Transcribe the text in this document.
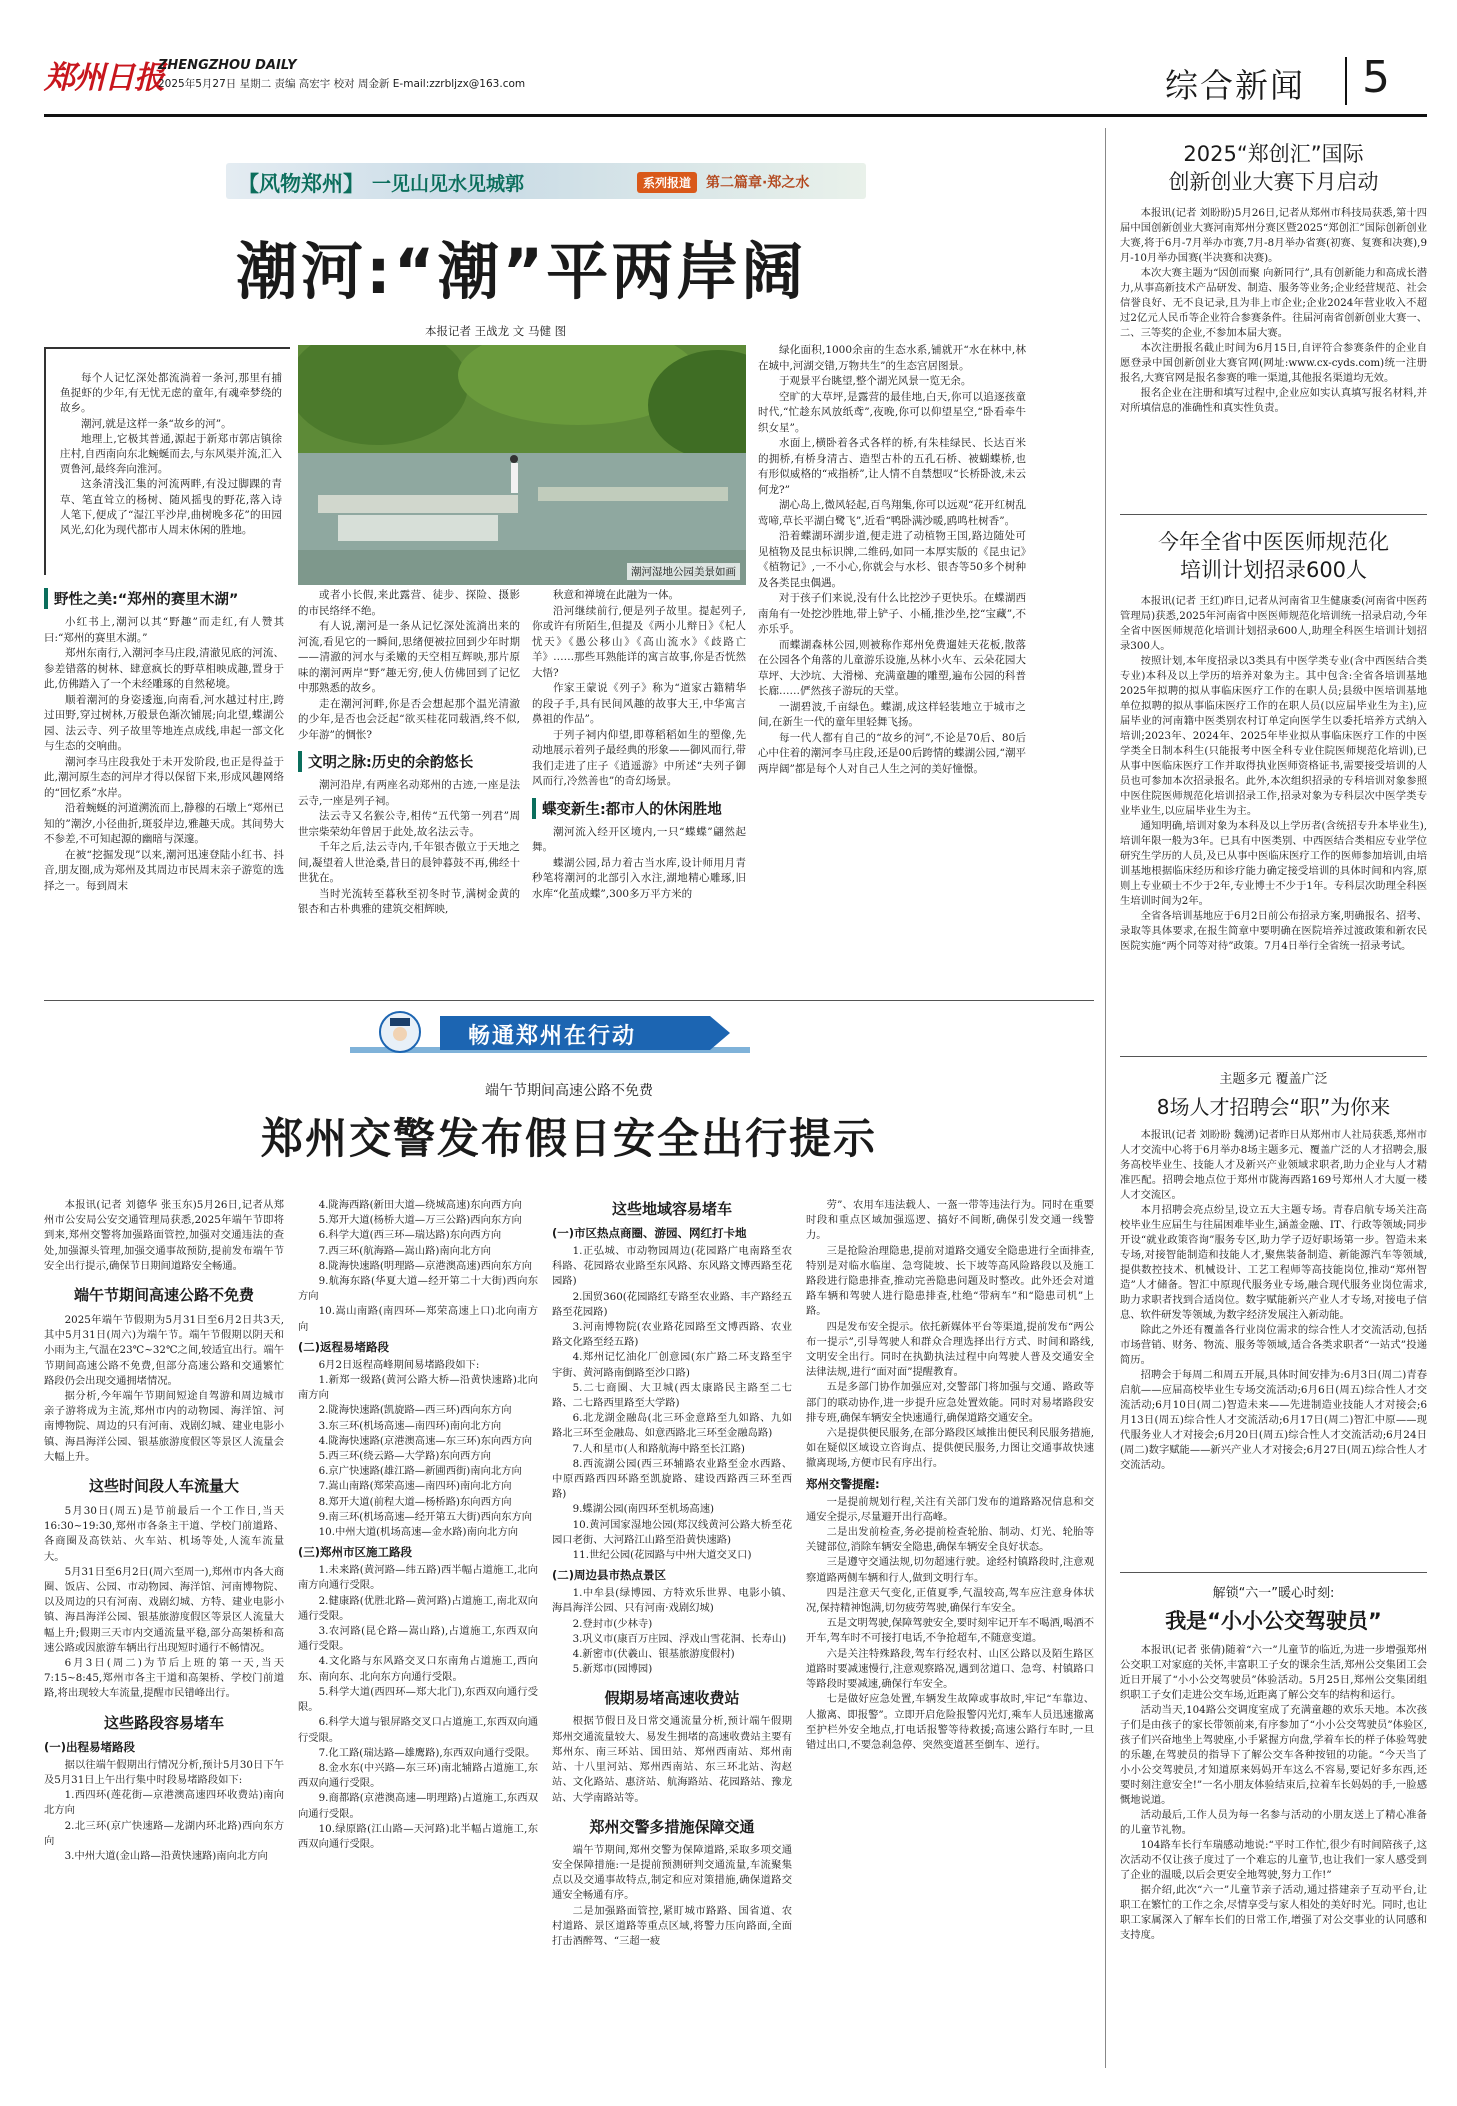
郑州日报
ZHENGZHOU DAILY
2025年5月27日 星期二 责编 高宏宇 校对 周金新 E-mail:zzrbljzx@163.com	综合新闻 5
【风物郑州】 一见山见水见城郭	系列报道	第二篇章·郑之水
潮河:“潮”平两岸阔
本报记者 王战龙 文 马健 图

每个人记忆深处都流淌着一条河,那里有捕鱼捉虾的少年,有无忧无虑的童年,有魂牵梦绕的故乡。

潮河,就是这样一条“故乡的河”。

地理上,它极其普通,源起于新郑市郭店镇徐庄村,自西南向东北蜿蜒而去,与东风渠并流,汇入贾鲁河,最终奔向淮河。

这条清浅汇集的河流两畔,有没过脚踝的青草、笔直耸立的杨树、随风摇曳的野花,落入诗人笔下,便成了“湿江平沙岸,曲树晚多花”的田园风光,幻化为现代都市人周末休闲的胜地。

潮河湿地公园美景如画

绿化面积,1000余亩的生态水系,铺就开“水在林中,林在城中,河湖交错,万物共生”的生态宫居图景。

于观景平台眺望,整个湖光风景一览无余。

空旷的大草坪,是露营的最佳地,白天,你可以追逐孩童时代,“忙趁东风放纸鸢”,夜晚,你可以仰望星空,“卧看牵牛织女星”。

水面上,横卧着各式各样的桥,有朱桂绿民、长达百米的拥桥,有桥身清古、造型古朴的五孔石桥、被蝴蝶桥,也有形似威格的“戒指桥”,让人情不自禁想叹“长桥卧波,未云何龙?”

湖心岛上,微风轻起,百鸟翔集,你可以远观“花开红树乱莺啼,草长平湖白鹭飞”,近看“鸭卧满沙暖,鸥鸣杜树香”。

沿着蝶湖环湖步道,便走进了动植物王国,路边随处可见植物及昆虫标识牌,二维码,如同一本厚实版的《昆虫记》《植物记》,一不小心,你就会与水杉、银杏等50多个树种及各类昆虫偶遇。

对于孩子们来说,没有什么比挖沙子更快乐。在蝶湖西南角有一处挖沙胜地,带上铲子、小桶,推沙坐,挖“宝藏”,不亦乐乎。

而蝶湖森林公园,则被称作郑州免费遛娃天花板,散落在公园各个角落的儿童游乐设施,丛林小火车、云朵花园大草坪、大沙坑、大滑梯、充满童趣的雕塑,遍布公园的科普长廊……俨然孩子游玩的天堂。

一湖碧波,千亩绿色。蝶湖,成这样轻装地立于城市之间,在新生一代的童年里轻舞飞扬。

每一代人都有自己的“故乡的河”,不论是70后、80后心中住着的潮河李马庄段,还是00后跨情的蝶湖公园,“潮平两岸阔”都是每个人对自己人生之河的美好憧憬。

野性之美:“郑州的赛里木湖”

小红书上,潮河以其“野趣”而走红,有人赞其曰:“郑州的赛里木湖。”

郑州东南行,入潮河李马庄段,清澈见底的河流、参差错落的树林、肆意疯长的野草相映成趣,置身于此,仿佛踏入了一个未经雕琢的自然秘境。

顺着潮河的身姿逶迤,向南看,河水越过村庄,跨过田野,穿过树林,万般景色渐次铺展;向北望,蝶湖公园、法云寺、列子故里等地连点成线,串起一部文化与生态的交响曲。

潮河李马庄段我处于未开发阶段,也正是得益于此,潮河原生态的河岸才得以保留下来,形成风趣网络的“回忆系”水岸。

沿着蜿蜒的河道溯流而上,静穆的石墩上“郑州已知的”潮汐,小径曲折,斑驳岸边,雅趣天成。其间势大不参差,不可知起源的幽暗与深邃。

在被“挖掘发现”以来,潮河迅速登陆小红书、抖音,朋友圈,成为郑州及其周边市民周末亲子游览的选择之一。每到周末

或者小长假,来此露营、徒步、探险、摄影的市民络绎不绝。

有人说,潮河是一条从记忆深处流淌出来的河流,看见它的一瞬间,思绪便被拉回到少年时期——清澈的河水与柔嫩的天空相互辉映,那片原味的潮河两岸“野”趣无穷,使人仿佛回到了记忆中那熟悉的故乡。

走在潮河河畔,你是否会想起那个温光清澈的少年,是否也会泛起“欲买桂花同载酒,终不似,少年游”的惆怅?

文明之脉:历史的余韵悠长

潮河沿岸,有两座名动郑州的古迹,一座是法云寺,一座是列子祠。

法云寺又名猴公寺,相传“五代第一列君”周世宗柴荣幼年曾居于此处,故名法云寺。

千年之后,法云寺内,千年银杏傲立于天地之间,凝望着人世沧桑,昔日的晨钟暮鼓不再,佛经十世犹在。

当时光流转至暮秋至初冬时节,满树金黄的银杏和古朴典雅的建筑交相辉映,

秋意和禅境在此融为一体。

沿河继续前行,便是列子故里。提起列子,你或许有所陌生,但提及《两小儿辩日》《杞人忧天》《愚公移山》《高山流水》《歧路亡羊》……那些耳熟能详的寓言故事,你是否恍然大悟?

作家王蒙说《列子》称为“道家古籍精华的段子手,具有民间风趣的故事大王,中华寓言鼻祖的作品”。

于列子祠内仰望,即尊稻稻如生的塑像,先动地展示着列子最经典的形象——御风而行,带我们走进了庄子《逍遥游》中所述“夫列子御风而行,冷然善也”的奇幻场景。

蝶变新生:都市人的休闲胜地

潮河流入经开区境内,一只“蝶蝶”翩然起舞。

蝶湖公园,昂力着古当水库,设计师用月青秒笔将潮河的北部引入水注,湖地精心雕琢,旧水库“化茧成蝶”,300多万平方米的

2025“郑创汇”国际
创新创业大赛下月启动

本报讯(记者 刘盼盼)5月26日,记者从郑州市科技局获悉,第十四届中国创新创业大赛河南郑州分赛区暨2025“郑创汇”国际创新创业大赛,将于6月-7月举办市赛,7月-8月举办省赛(初赛、复赛和决赛),9月-10月举办国赛(半决赛和决赛)。

本次大赛主题为“因创而聚 向新同行”,具有创新能力和高成长潜力,从事高新技术产品研发、制造、服务等业务;企业经营规范、社会信誉良好、无不良记录,且为非上市企业;企业2024年营业收入不超过2亿元人民币等企业符合参赛条件。往届河南省创新创业大赛一、二、三等奖的企业,不参加本届大赛。

本次注册报名截止时间为6月15日,自评符合参赛条件的企业自愿登录中国创新创业大赛官网(网址:www.cx-cyds.com)统一注册报名,大赛官网是报名参赛的唯一渠道,其他报名渠道均无效。

报名企业在注册和填写过程中,企业应如实认真填写报名材料,并对所填信息的准确性和真实性负责。

今年全省中医医师规范化
培训计划招录600人

本报讯(记者 王红)昨日,记者从河南省卫生健康委(河南省中医药管理局)获悉,2025年河南省中医医师规范化培训统一招录启动,今年全省中医医师规范化培训计划招录600人,助理全科医生培训计划招录300人。

按照计划,本年度招录以3类具有中医学类专业(含中西医结合类专业)本科及以上学历的培养对象为主。其中包含:全省各培训基地2025年拟聘的拟从事临床医疗工作的在职人员;县级中医培训基地单位拟聘的拟从事临床医疗工作的在职人员(以应届毕业生为主),应届毕业的河南籍中医类别农村订单定向医学生以委托培养方式纳入培训;2023年、2024年、2025年毕业拟从事临床医疗工作的中医学类全日制本科生(只能报考中医全科专业住院医师规范化培训),已从事中医临床医疗工作并取得执业医师资格证书,需要接受培训的人员也可参加本次招录报名。此外,本次组织招录的专科培训对象参照中医住院医师规范化培训招录工作,招录对象为专科层次中医学类专业毕业生,以应届毕业生为主。

通知明确,培训对象为本科及以上学历者(含统招专升本毕业生),培训年限一般为3年。已具有中医类别、中西医结合类相应专业学位研究生学历的人员,及已从事中医临床医疗工作的医师参加培训,由培训基地根据临床经历和诊疗能力确定接受培训的具体时间和内容,原则上专业硕士不少于2年,专业博士不少于1年。专科层次助理全科医生培训时间为2年。

全省各培训基地应于6月2日前公布招录方案,明确报名、招考、录取等具体要求,在报生简章中要明确在医院培养过渡政策和新农民医院实施“两个同等对待”政策。7月4日举行全省统一招录考试。

主题多元 覆盖广泛
8场人才招聘会“职”为你来

本报讯(记者 刘盼盼 魏湧)记者昨日从郑州市人社局获悉,郑州市人才交流中心将于6月举办8场主题多元、覆盖广泛的人才招聘会,服务高校毕业生、技能人才及新兴产业领域求职者,助力企业与人才精准匹配。招聘会地点位于郑州市陇海西路169号郑州人才大厦一楼人才交流区。

本月招聘会亮点纷呈,设立五大主题专场。青春启航专场关注高校毕业生应届生与往届困难毕业生,涵盖金融、IT、行政等领域;同步开设“就业政策咨询”服务专区,助力学子迈好职场第一步。智造未来专场,对接智能制造和技能人才,聚焦装备制造、新能源汽车等领域,提供数控技术、机械设计、工艺工程师等高技能岗位,推动“郑州智造”人才储备。智汇中原现代服务业专场,融合现代服务业岗位需求,助力求职者找到合适岗位。数字赋能新兴产业人才专场,对接电子信息、软件研发等领域,为数字经济发展注入新动能。

除此之外还有覆盖各行业岗位需求的综合性人才交流活动,包括市场营销、财务、物流、服务等领域,适合各类求职者“一站式”投递简历。

招聘会于每周二和周五开展,具体时间安排为:6月3日(周二)青春启航——应届高校毕业生专场交流活动;6月6日(周五)综合性人才交流活动;6月10日(周二)智造未来——先进制造业技能人才对接会;6月13日(周五)综合性人才交流活动;6月17日(周二)智汇中原——现代服务业人才对接会;6月20日(周五)综合性人才交流活动;6月24日(周二)数字赋能——新兴产业人才对接会;6月27日(周五)综合性人才交流活动。

解锁“六一”暖心时刻:
我是“小小公交驾驶员”

本报讯(记者 张倩)随着“六一”儿童节的临近,为进一步增强郑州公交职工对家庭的关怀,丰富职工子女的课余生活,郑州公交集团工会近日开展了“小小公交驾驶员”体验活动。5月25日,郑州公交集团组织职工子女们走进公交车场,近距离了解公交车的结构和运行。

活动当天,104路公交调度室成了充满童趣的欢乐天地。本次孩子们是由孩子的家长带领前来,有序参加了“小小公交驾驶员”体验区,孩子们兴奋地坐上驾驶座,小手紧握方向盘,学着车长的样子体验驾驶的乐趣,在驾驶员的指导下了解公交车各种按钮的功能。“今天当了小小公交驾驶员,才知道原来妈妈开车这么不容易,要记好多东西,还要时刻注意安全!”一名小朋友体验结束后,拉着车长妈妈的手,一脸感慨地说道。

活动最后,工作人员为每一名参与活动的小朋友送上了精心准备的儿童节礼物。

104路车长行车瑞感动地说:“平时工作忙,很少有时间陪孩子,这次活动不仅让孩子度过了一个难忘的儿童节,也让我们一家人感受到了企业的温暖,以后会更安全地驾驶,努力工作!”

据介绍,此次“六一”儿童节亲子活动,通过搭建亲子互动平台,让职工在繁忙的工作之余,尽情享受与家人相处的美好时光。同时,也让职工家属深入了解车长们的日常工作,增强了对公交事业的认同感和支持度。

畅通郑州在行动
端午节期间高速公路不免费
郑州交警发布假日安全出行提示

本报讯(记者 刘德华 张玉东)5月26日,记者从郑州市公安局公安交通管理局获悉,2025年端午节即将到来,郑州交警将加强路面管控,加强对交通违法的查处,加强源头管理,加强交通事故预防,提前发布端午节安全出行提示,确保节日期间道路安全畅通。

端午节期间高速公路不免费

2025年端午节假期为5月31日至6月2日共3天,其中5月31日(周六)为端午节。端午节假期以阴天和小雨为主,气温在23℃~32℃之间,较适宜出行。端午节期间高速公路不免费,但部分高速公路和交通繁忙路段仍会出现交通拥堵情况。

据分析,今年端午节期间短途自驾游和周边城市亲子游将成为主流,郑州市内的动物园、海洋馆、河南博物院、周边的只有河南、戏剧幻城、建业电影小镇、海昌海洋公园、银基旅游度假区等景区人流量会大幅上升。

这些时间段人车流量大

5月30日(周五)是节前最后一个工作日,当天16:30~19:30,郑州市各条主干道、学校门前道路、各商圈及高铁站、火车站、机场等处,人流车流量大。

5月31日至6月2日(周六至周一),郑州市内各大商圈、饭店、公园、市动物园、海洋馆、河南博物院、以及周边的只有河南、戏剧幻城、方特、建业电影小镇、海昌海洋公园、银基旅游度假区等景区人流量大幅上升;假期三天市内交通流量平稳,部分高架桥和高速公路或因旅游车辆出行出现短时通行不畅情况。

6月3日(周二)为节后上班的第一天,当天7:15~8:45,郑州市各主干道和高架桥、学校门前道路,将出现较大车流量,提醒市民错峰出行。

这些路段容易堵车
(一)出程易堵路段

据以往端午假期出行情况分析,预计5月30日下午及5月31日上午出行集中时段易堵路段如下:

1.西四环(莲花街—京港澳高速四环收费站)南向北方向

2.北三环(京广快速路—龙湖内环北路)西向东方向

3.中州大道(金山路—沿黄快速路)南向北方向

4.陇海西路(新田大道—绕城高速)东向西方向

5.郑开大道(杨桥大道—万三公路)西向东方向

6.科学大道(西三环—瑞达路)东向西方向

7.西三环(航海路—嵩山路)南向北方向

8.陇海快速路(明理路—京港澳高速)西向东方向

9.航海东路(华夏大道—经开第二十大街)西向东方向

10.嵩山南路(南四环—郑荣高速上口)北向南方向

(二)返程易堵路段

6月2日返程高峰期间易堵路段如下:

1.新郑一级路(黄河公路大桥—沿黄快速路)北向南方向

2.陇海快速路(凯旋路—西三环)西向东方向

3.东三环(机场高速—南四环)南向北方向

4.陇海快速路(京港澳高速—东三环)东向西方向

5.西三环(绕云路—大学路)东向西方向

6.京广快速路(雄江路—新圃西街)南向北方向

7.嵩山南路(郑荣高速—南四环)南向北方向

8.郑开大道(前程大道—杨桥路)东向西方向

9.南三环(机场高速—经开第五大街)西向东方向

10.中州大道(机场高速—金水路)南向北方向

(三)郑州市区施工路段

1.未来路(黄河路—纬五路)西半幅占道施工,北向南方向通行受限。

2.健康路(优胜北路—黄河路)占道施工,南北双向通行受限。

3.农河路(昆仑路—嵩山路),占道施工,东西双向通行受限。

4.文化路与东风路交叉口东南角占道施工,西向东、南向东、北向东方向通行受限。

5.科学大道(西四环—郑大北门),东西双向通行受限。

6.科学大道与银屏路交叉口占道施工,东西双向通行受限。

7.化工路(瑞达路—雄鹰路),东西双向通行受限。

8.金水东(中兴路—东三环)南北辅路占道施工,东西双向通行受限。

9.商都路(京港澳高速—明理路)占道施工,东西双向通行受限。

10.绿原路(江山路—天河路)北半幅占道施工,东西双向通行受限。

这些地域容易堵车
(一)市区热点商圈、游园、网红打卡地

1.正弘城、市动物园周边(花园路广电南路至农科路、花园路农业路至东风路、东风路文博西路至花园路)

2.国贸360(花园路红专路至农业路、丰产路经五路至花园路)

3.河南博物院(农业路花园路至文博西路、农业路文化路至经五路)

4.郑州记忆油化厂创意园(东广路二环支路至宇宇街、黄河路南倒路至沙口路)

5.二七商圈、大卫城(西太康路民主路至二七路、二七路西里路至大学路)

6.北龙湖金融岛(北三环金意路至九如路、九如路北三环至金融岛、如意西路北三环至金融岛路)

7.人和星市(人和路航海中路至长江路)

8.西流湖公园(西三环辅路农业路至金水西路、中原西路西四环路至凯旋路、建设西路西三环至西路)

9.蝶湖公园(南四环至机场高速)

10.黄河国家湿地公园(郑汉线黄河公路大桥至花园口老街、大河路江山路至沿黄快速路)

11.世纪公园(花园路与中州大道交叉口)

(二)周边县市热点景区

1.中牟县(绿博园、方特欢乐世界、电影小镇、海昌海洋公园、只有河南·戏剧幻城)

2.登封市(少林寺)

3.巩义市(康百万庄园、浮戏山雪花洞、长寿山)

4.新密市(伏羲山、银基旅游度假村)

5.新郑市(园博园)

假期易堵高速收费站

根据节假日及日常交通流量分析,预计端午假期郑州交通流量较大、易发生拥堵的高速收费站主要有郑州东、南三环站、国田站、郑州西南站、郑州南站、十八里河站、郑州西南站、东三环北站、沟赵站、文化路站、惠济站、航海路站、花园路站、豫龙站、大学南路站等。

郑州交警多措施保障交通

端午节期间,郑州交警为保障道路,采取多项交通安全保障措施:一是提前预测研判交通流量,车流聚集点以及交通事故特点,制定和应对策措施,确保道路交通安全畅通有序。

二是加强路面管控,紧盯城市路路、国省道、农村道路、景区道路等重点区域,将警力压向路面,全面打击酒醉驾、“三超一疲

劳”、农用车违法载人、一盔一带等违法行为。同时在重要时段和重点区域加强巡逻、搞好不间断,确保引发交通一线警力。

三是抢险治理隐患,提前对道路交通安全隐患进行全面排查,特别是对临水临崖、急弯陡坡、长下坡等高风险路段以及施工路段进行隐患排查,推动完善隐患问题及时整改。此外还会对道路车辆和驾驶人进行隐患排查,杜绝“带病车”和“隐患司机”上路。

四是发布安全提示。依托新媒体平台等渠道,提前发布“两公布一提示”,引导驾驶人和群众合理选择出行方式、时间和路线,文明安全出行。同时在执勤执法过程中向驾驶人普及交通安全法律法规,进行“面对面”提醒教育。

五是多部门协作加强应对,交警部门将加强与交通、路政等部门的联动协作,进一步提升应急处置效能。同时对易堵路段安排专班,确保车辆安全快速通行,确保道路交通安全。

六是提供便民服务,在部分路段区域推出便民利民服务措施,如在疑似区域设立咨询点、提供便民服务,力图让交通事故快速撤离现场,方便市民有序出行。

郑州交警提醒:

一是提前规划行程,关注有关部门发布的道路路况信息和交通安全提示,尽量避开出行高峰。

二是出发前检查,务必提前检查轮胎、制动、灯光、轮胎等关键部位,消除车辆安全隐患,确保车辆安全良好状态。

三是遵守交通法规,切勿超速行驶。途经村镇路段时,注意观察道路两侧车辆和行人,做到文明行车。

四是注意天气变化,正值夏季,气温较高,驾车应注意身体状况,保持精神饱满,切勿疲劳驾驶,确保行车安全。

五是文明驾驶,保障驾驶安全,要时刻牢记开车不喝酒,喝酒不开车,驾车时不可接打电话,不争抢超车,不随意变道。

六是关注特殊路段,驾车行经农村、山区公路以及陌生路区道路时要减速慢行,注意观察路况,遇到岔道口、急弯、村镇路口等路段时要减速,确保行车安全。

七是做好应急处置,车辆发生故障或事故时,牢记“车靠边、人撤离、即报警”。立即开启危险报警闪光灯,乘车人员迅速撤离至护栏外安全地点,打电话报警等待救援;高速公路行车时,一旦错过出口,不要急刹急停、突然变道甚至倒车、逆行。
